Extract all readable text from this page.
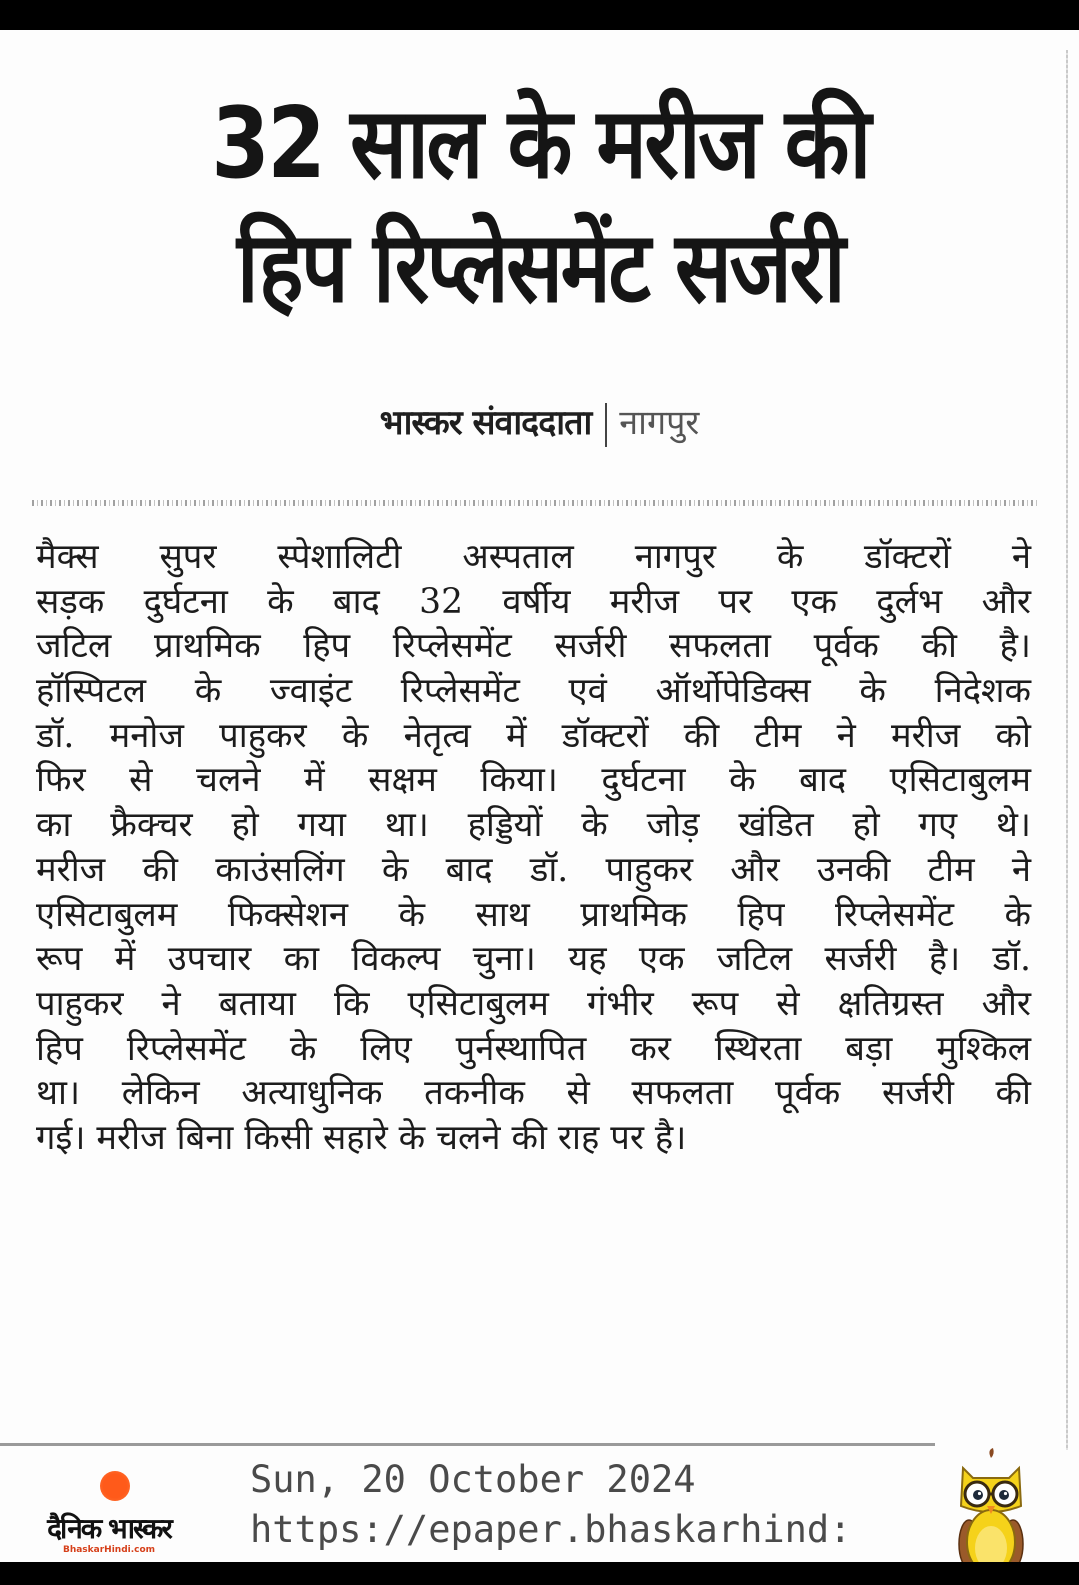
32 साल के मरीज की
हिप रिप्लेसमेंट सर्जरी
भास्कर संवाददाता नागपुर
मैक्स सुपर स्पेशालिटी अस्पताल नागपुर के डॉक्टरों ने
सड़क दुर्घटना के बाद 32 वर्षीय मरीज पर एक दुर्लभ और
जटिल प्राथमिक हिप रिप्लेसमेंट सर्जरी सफलता पूर्वक की है।
हॉस्पिटल के ज्वाइंट रिप्लेसमेंट एवं ऑर्थोपेडिक्स के निदेशक
डॉ. मनोज पाहुकर के नेतृत्व में डॉक्टरों की टीम ने मरीज को
फिर से चलने में सक्षम किया। दुर्घटना के बाद एसिटाबुलम
का फ्रैक्चर हो गया था। हड्डियों के जोड़ खंडित हो गए थे।
मरीज की काउंसलिंग के बाद डॉ. पाहुकर और उनकी टीम ने
एसिटाबुलम फिक्सेशन के साथ प्राथमिक हिप रिप्लेसमेंट के
रूप में उपचार का विकल्प चुना। यह एक जटिल सर्जरी है। डॉ.
पाहुकर ने बताया कि एसिटाबुलम गंभीर रूप से क्षतिग्रस्त और
हिप रिप्लेसमेंट के लिए पुर्नस्थापित कर स्थिरता बड़ा मुश्किल
था। लेकिन अत्याधुनिक तकनीक से सफलता पूर्वक सर्जरी की
गई। मरीज बिना किसी सहारे के चलने की राह पर है।
दैनिक भास्कर
BhaskarHindi.com
Sun, 20 October 2024
https://epaper.bhaskarhind:
